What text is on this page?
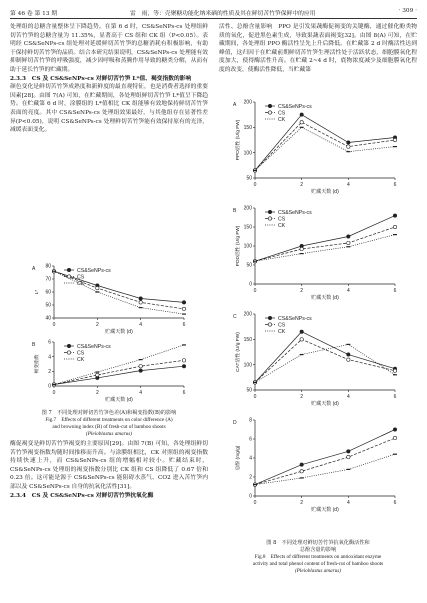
第 46 卷 第 13 期	雷　雨，等：壳聚糖功能化纳米硒的性质及其在鲜切苦竹笋保鲜中的应用	· 309 ·

处理组的总糖含量整体呈下降趋势。在第 6 d 时，CS&SeNPs-cs 处理组鲜切苦竹笋的总糖含量为 11.35%，显著高于 CS 组和 CK 组（P<0.05）。表明经 CS&SeNPs-cs 组处理对延缓鲜切苦竹笋的总糖消耗有积极影响，有助于保持鲜切苦竹笋的品质。结合本研究结果说明，CS&SeNPs-cs 处理能有效抑制鲜切苦竹笋的呼吸强度，减少因呼吸和蒸腾作用导致的糖类分解，从而有助于延长竹笋的贮藏期。

2.3.3　CS 及 CS&SeNPs-cs 对鲜切苦竹笋 L*值、褐变指数的影响

颜色变化是鲜切苦竹笋成熟度和新鲜度的最直观特征，也是消费者选择的重要因素[28]。由图 7(A) 可知，在贮藏期间，各处理组鲜切苦竹笋 L*值呈下降趋势。在贮藏第 6 d 时，涂膜组的 L*值相比 CK 组能够有效地保持鲜切苦竹笋表面的亮度。其中 CS&SeNPs-cs 处理组效果最好，与其他组存在显著性差异(P<0.05)，说明 CS&SeNPs-cs 处理鲜切苦竹笋能有效保持原有的光泽，减缓表面变化。

40
50
60
70
80
0	2	4	6
贮藏天数 (d)
L*
A	CS&SeNPs-cs
CS
CK
0
2
4
6
0	2	4	6
贮藏天数 (d)
褐变指数
B	CS&SeNPs-cs
CS
CK
图 7　不同处理对鲜切苦竹笋色差(A)和褐变指数(B)的影响
Fig.7　Effects of different treatments on color difference (A)
and browning index (B) of fresh-cut of bamboo shoots
(Pleioblastus amarus)

酶促褐变是鲜切苦竹笋褐变的主要原因[29]。由图 7(B) 可知，各处理组鲜切苦竹笋褐变指数均随时间推移而升高。与涂膜组相比，CK 对照组的褐变指数持续快速上升，而 CS&SeNPs-cs 组的增幅相对较小。贮藏结束时，CS&SeNPs-cs 处理组的褐变指数分别比 CK 组和 CS 组降低了 0.67 倍和 0.23 倍。这可能是源于 CS&SeNPs-cs 能阻碍水蒸气、CO2 进入苦竹笋内部以及 CS&SeNPs-cs 自身的抗氧化活性[31]。

2.3.4　CS 及 CS&SeNPs-cs 对鲜切苦竹笋抗氧化酶

活性、总酚含量影响　PPO 是引发果蔬酶促褐变的关键酶，通过催化酚类物质的氧化，促进黑色素生成，导致果蔬表面褐变[32]。由图 8(A) 可知，在贮藏期间，各处理组 PPO 酶活性呈先上升后降低。在贮藏第 2 d 时酶活性达到峰值，这归因于在贮藏前期鲜切苦竹笋生理活性处于活跃状态，细胞膜氧化程度加大，使得酶活性升高。在贮藏 2~4 d 时，底物浓度减少及细胞膜氧化程度的改变，使酶活性降低，当贮藏第

50
100
150
200
0	2	4	6
贮藏天数 (d)
PPO活性 (U/g FW)
A	CS&SeNPs-cs
CS
CK
0
50
100
150
200
0	2	4	6
贮藏天数 (d)
POD活性 (U/g FW)
B	CS&SeNPs-cs
CS
CK
50
100
150
200
0	2	4	6
贮藏天数 (d)
CAT活性 (U/g FW)
C	CS&SeNPs-cs
CS
CK
0
2
4
6
8
0	2	4	6
贮藏天数 (d)
总酚 (mg/g)
D
图 8　不同处理对鲜切苦竹笋抗氧化酶活性和
总酚含量的影响
Fig.8　Effects of different treatments on antioxidant enzyme
activity and total phenol content of fresh-cut of bamboo shoots
(Pleioblastus amarus)
